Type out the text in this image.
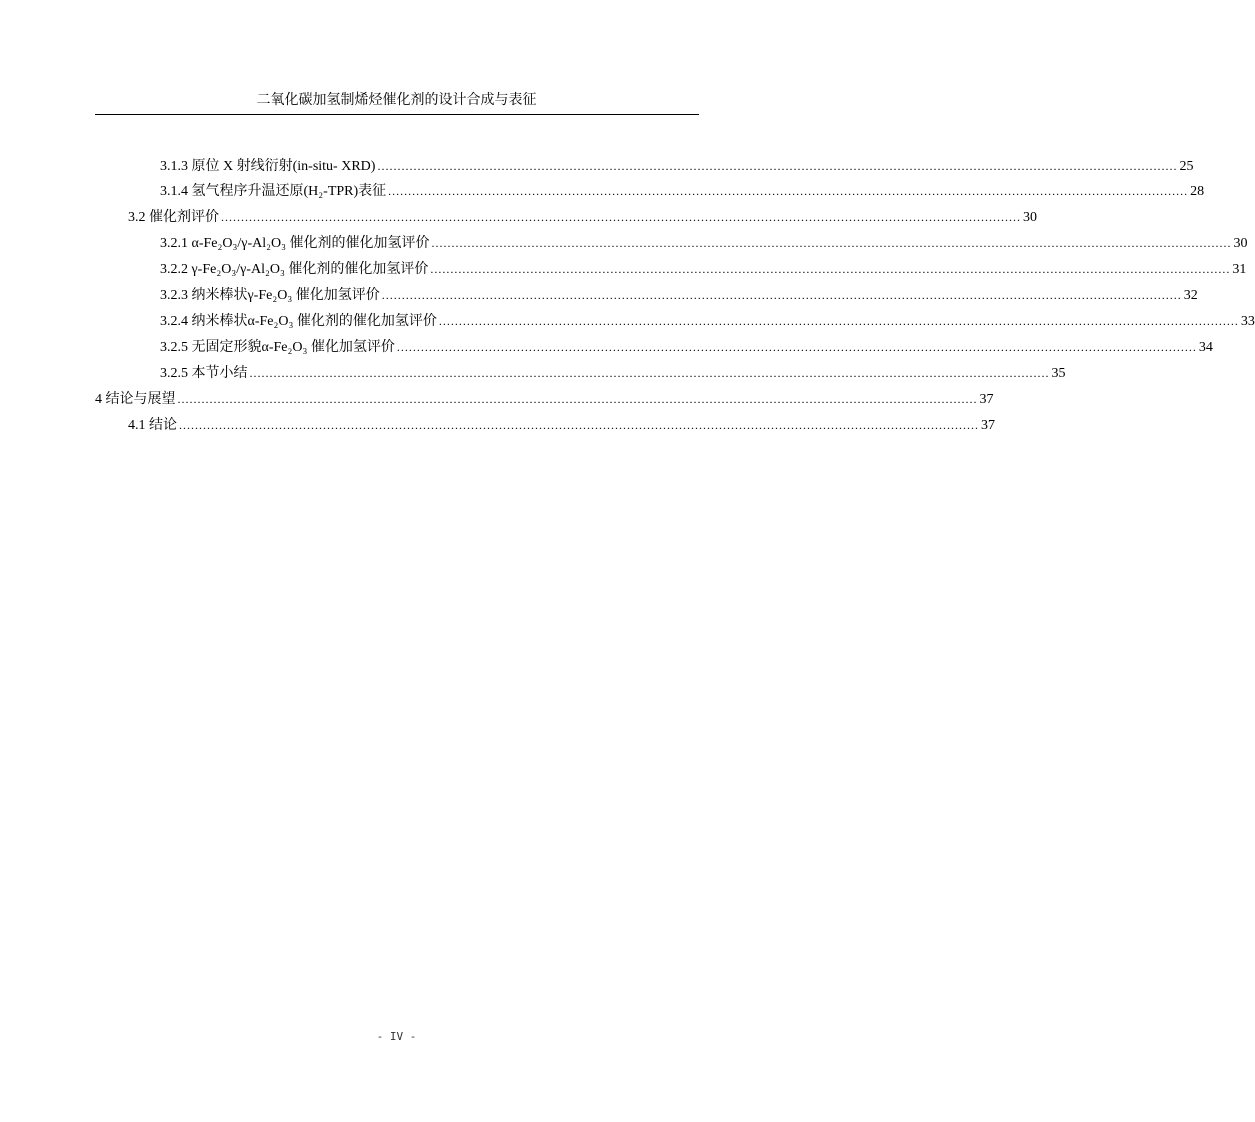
二氧化碳加氢制烯烃催化剂的设计合成与表征
3.1.3 原位 X 射线衍射(in-situ- XRD) ........................................................................................................................................................................................................ 25
3.1.4 氢气程序升温还原(H₂-TPR)表征 ........................................................................................................................................................................................................ 28
3.2 催化剂评价 ........................................................................................................................................................................................................ 30
3.2.1 α-Fe₂O₃/γ-Al₂O₃ 催化剂的催化加氢评价 ........................................................................................................................................................................................................ 30
3.2.2 γ-Fe₂O₃/γ-Al₂O₃ 催化剂的催化加氢评价 ........................................................................................................................................................................................................ 31
3.2.3 纳米棒状γ-Fe₂O₃ 催化加氢评价 ........................................................................................................................................................................................................ 32
3.2.4 纳米棒状α-Fe₂O₃ 催化剂的催化加氢评价 ........................................................................................................................................................................................................ 33
3.2.5 无固定形貌α-Fe₂O₃ 催化加氢评价 ........................................................................................................................................................................................................ 34
3.2.5 本节小结 ........................................................................................................................................................................................................ 35
4 结论与展望 ........................................................................................................................................................................................................ 37
4.1 结论 ........................................................................................................................................................................................................ 37
- IV -
